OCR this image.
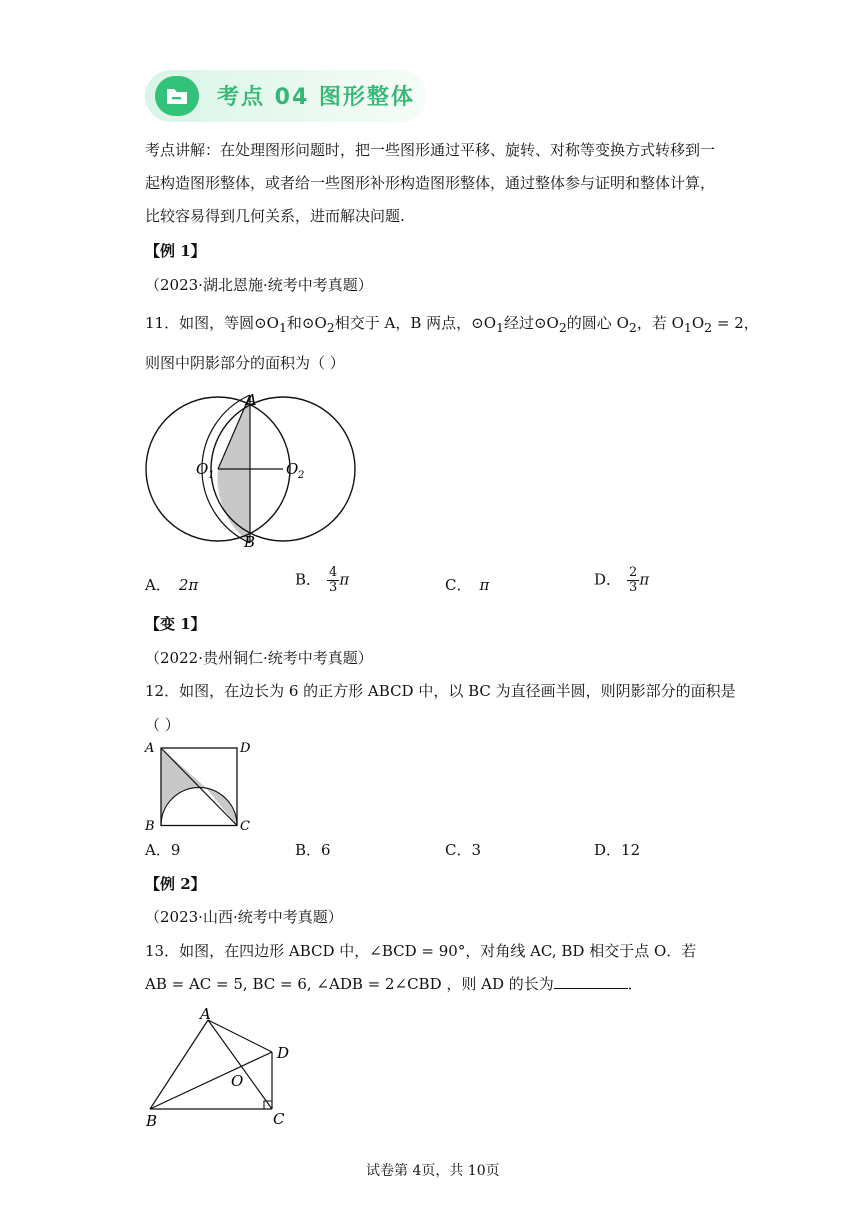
考点 04 图形整体
考点讲解：在处理图形问题时，把一些图形通过平移、旋转、对称等变换方式转移到一
起构造图形整体，或者给一些图形补形构造图形整体，通过整体参与证明和整体计算，
比较容易得到几何关系，进而解决问题.
【例 1】
（2023·湖北恩施·统考中考真题）
11．如图，等圆$⊙O_1$和$⊙O_2$相交于 A，B 两点，$⊙O_1$经过$⊙O_2$的圆心 $O_2$，若 $O_1O_2 = 2$，
则图中阴影部分的面积为（ ）
A
B
O 1	O 2
A． 2π	B． $\frac{4}{3}$ π	C． π	D． $\frac{2}{3}$ π
【变 1】
（2022·贵州铜仁·统考中考真题）
12．如图，在边长为 6 的正方形 ABCD 中，以 BC 为直径画半圆，则阴影部分的面积是
（ ）
A	D
B	C
A．9	B．6	C．3	D．12
【例 2】
（2023·山西·统考中考真题）
13．如图，在四边形 ABCD 中，∠BCD = 90°，对角线 AC, BD 相交于点 O．若
AB = AC = 5, BC = 6, ∠ADB = 2∠CBD ，则 AD 的长为	．
A
D
B	C
O
试卷第 4页，共 10页
